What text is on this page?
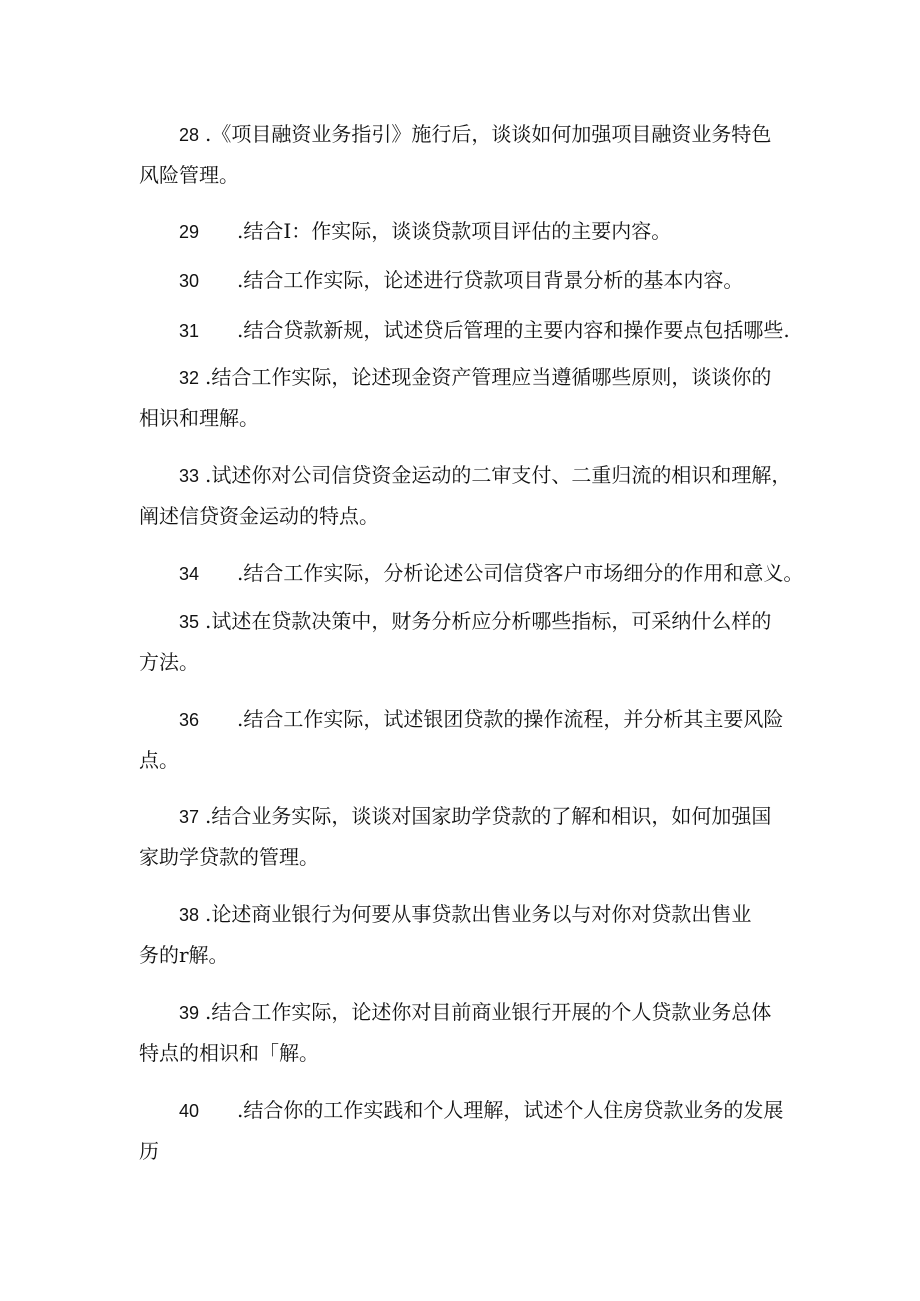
28 .《项目融资业务指引》施行后，谈谈如何加强项目融资业务特色
风险管理。
29 .结合I：作实际，谈谈贷款项目评估的主要内容。
30 .结合工作实际，论述进行贷款项目背景分析的基本内容。
31 .结合贷款新规，试述贷后管理的主要内容和操作要点包括哪些.
32 .结合工作实际，论述现金资产管理应当遵循哪些原则，谈谈你的
相识和理解。
33 .试述你对公司信贷资金运动的二审支付、二重归流的相识和理解，
阐述信贷资金运动的特点。
34 .结合工作实际，分析论述公司信贷客户市场细分的作用和意义。
35 .试述在贷款决策中，财务分析应分析哪些指标，可采纳什么样的
方法。
36 .结合工作实际，试述银团贷款的操作流程，并分析其主要风险
点。
37 .结合业务实际，谈谈对国家助学贷款的了解和相识，如何加强国
家助学贷款的管理。
38 .论述商业银行为何要从事贷款出售业务以与对你对贷款出售业
务的r解。
39 .结合工作实际，论述你对目前商业银行开展的个人贷款业务总体
特点的相识和「解。
40 .结合你的工作实践和个人理解，试述个人住房贷款业务的发展
历
